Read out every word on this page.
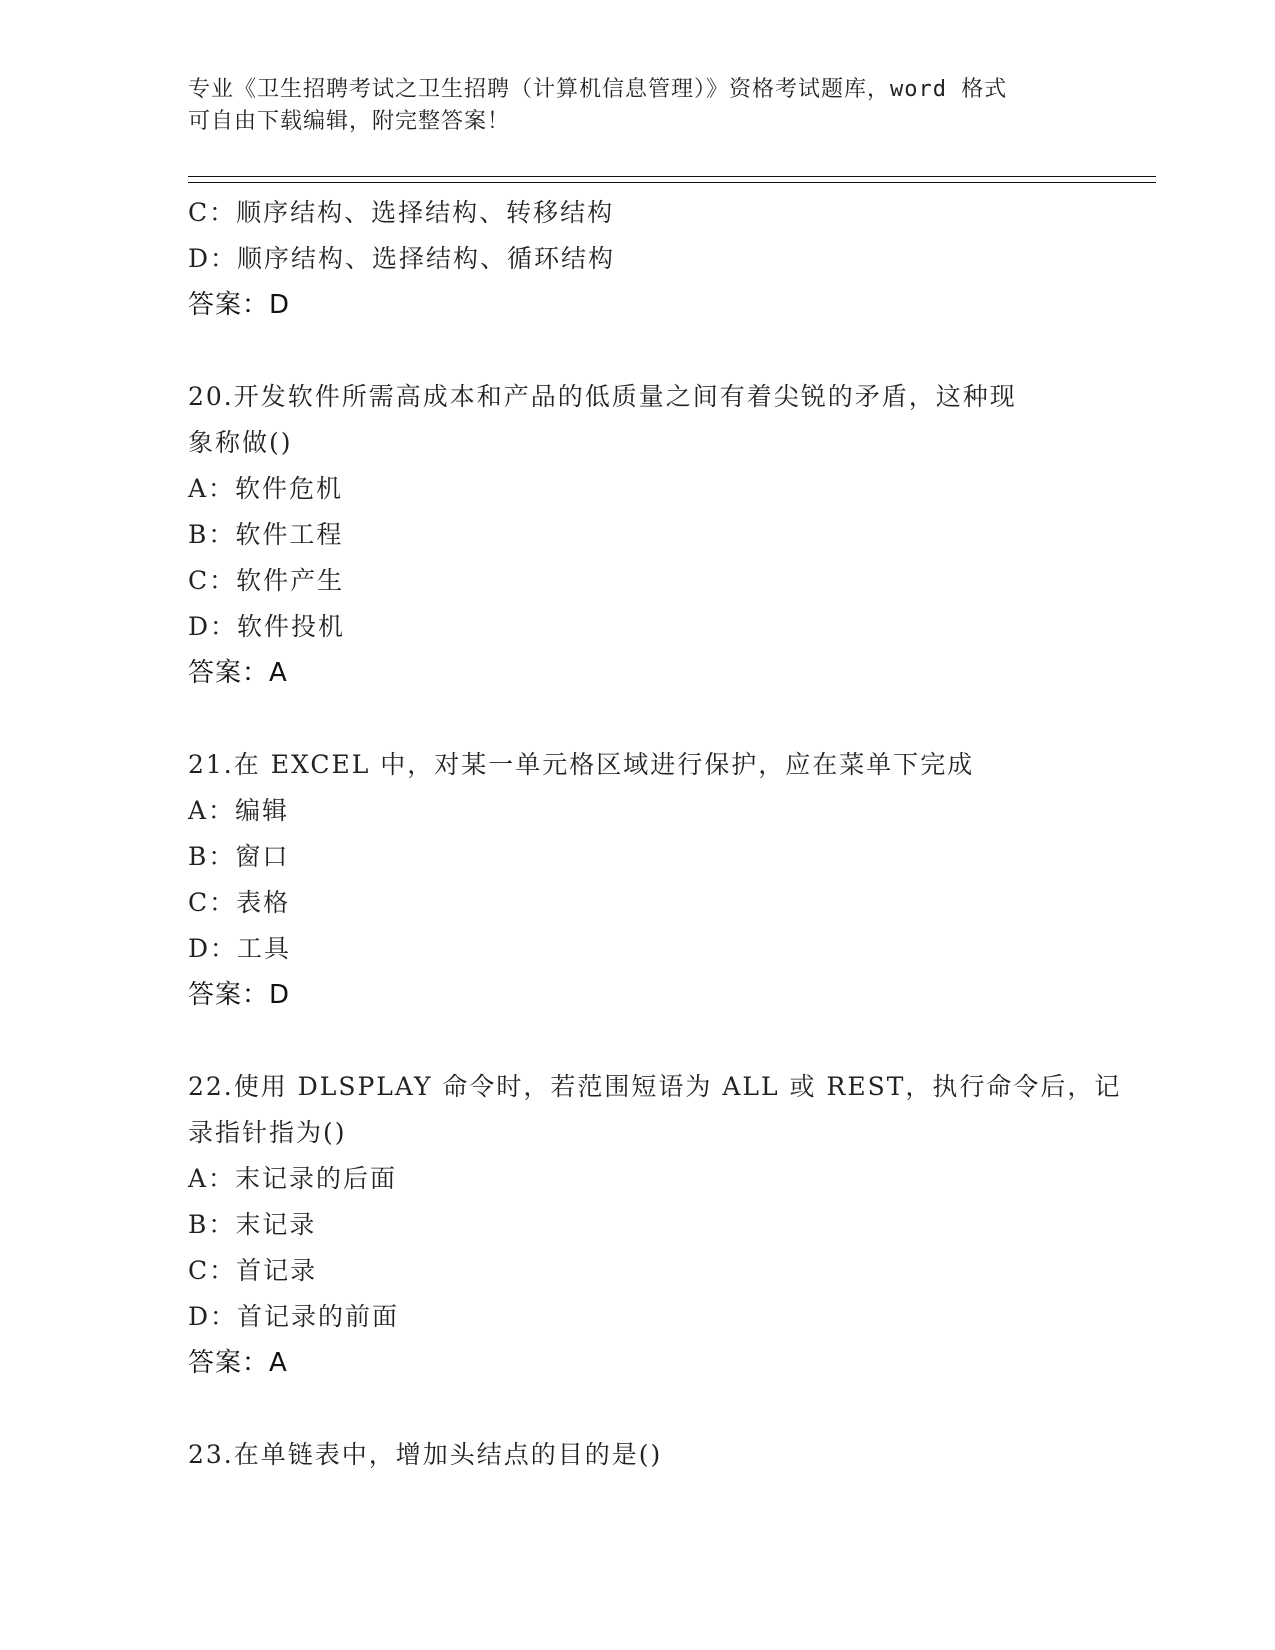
专业《卫生招聘考试之卫生招聘（计算机信息管理）》资格考试题库，word 格式
可自由下载编辑，附完整答案！
C：顺序结构、选择结构、转移结构
D：顺序结构、选择结构、循环结构
答案：D
20.开发软件所需高成本和产品的低质量之间有着尖锐的矛盾，这种现
象称做()
A：软件危机
B：软件工程
C：软件产生
D：软件投机
答案：A
21.在 EXCEL 中，对某一单元格区域进行保护，应在菜单下完成
A：编辑
B：窗口
C：表格
D：工具
答案：D
22.使用 DLSPLAY 命令时，若范围短语为 ALL 或 REST，执行命令后，记
录指针指为()
A：末记录的后面
B：末记录
C：首记录
D：首记录的前面
答案：A
23.在单链表中，增加头结点的目的是()
